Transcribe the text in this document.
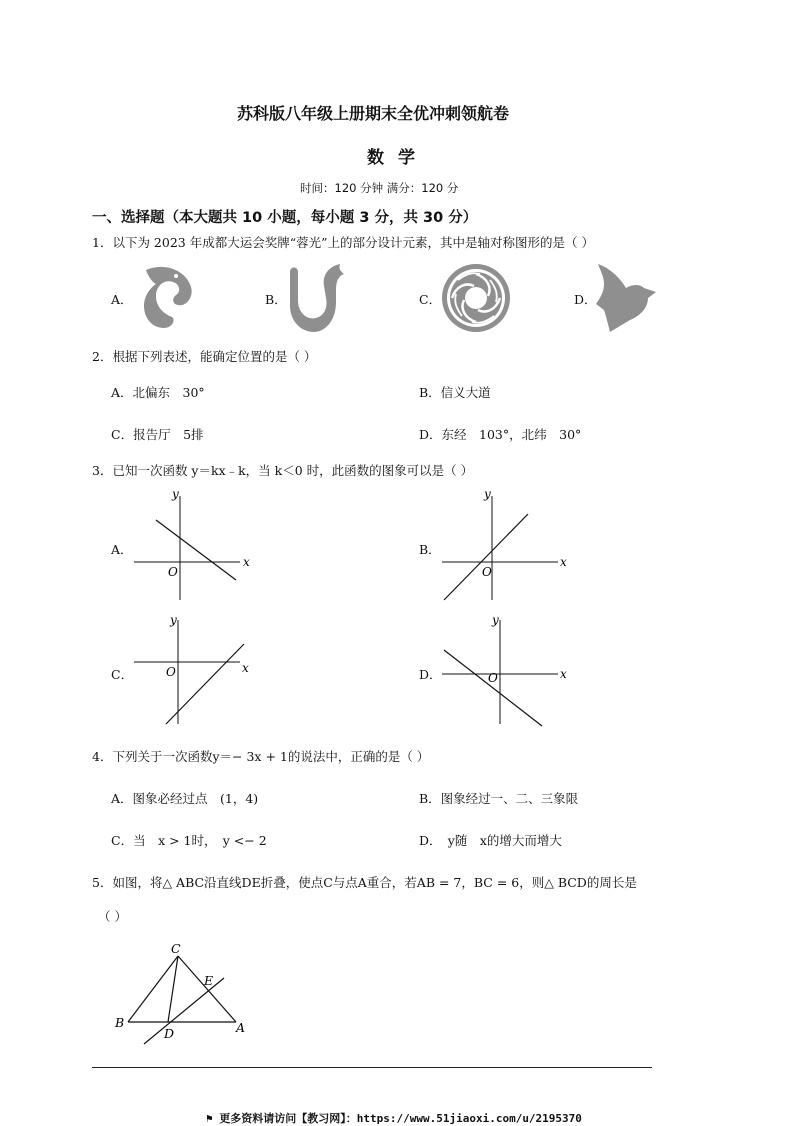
苏科版八年级上册期末全优冲刺领航卷
数学
时间：120 分钟 满分：120 分
一、选择题（本大题共 10 小题，每小题 3 分，共 30 分）
1．以下为 2023 年成都大运会奖牌“蓉光”上的部分设计元素，其中是轴对称图形的是（ ）
A．	B．	C．	D．
2．根据下列表述，能确定位置的是（ ）
A．北偏东　30°	B．信义大道
C．报告厅　5排	D．东经　103°，北纬　30°
3．已知一次函数 y＝kx﹣k，当 k＜0 时，此函数的图象可以是（ ）
A．
y
x
O
B．
y
x
O
C．
y
x
O	D．
y
x
O
4．下列关于一次函数y＝− 3x + 1的说法中，正确的是（ ）
A．图象必经过点　(1，4)	B．图象经过一、二、三象限
C．当　x > 1时，　y <− 2	D．　y随　x的增大而增大
5．如图，将△ ABC沿直线DE折叠，使点C与点A重合，若AB = 7，BC = 6，则△ BCD的周长是
（ ）
C
E
B
D	A
⚑ 更多资料请访问【教习网】：https://www.51jiaoxi.com/u/2195370
